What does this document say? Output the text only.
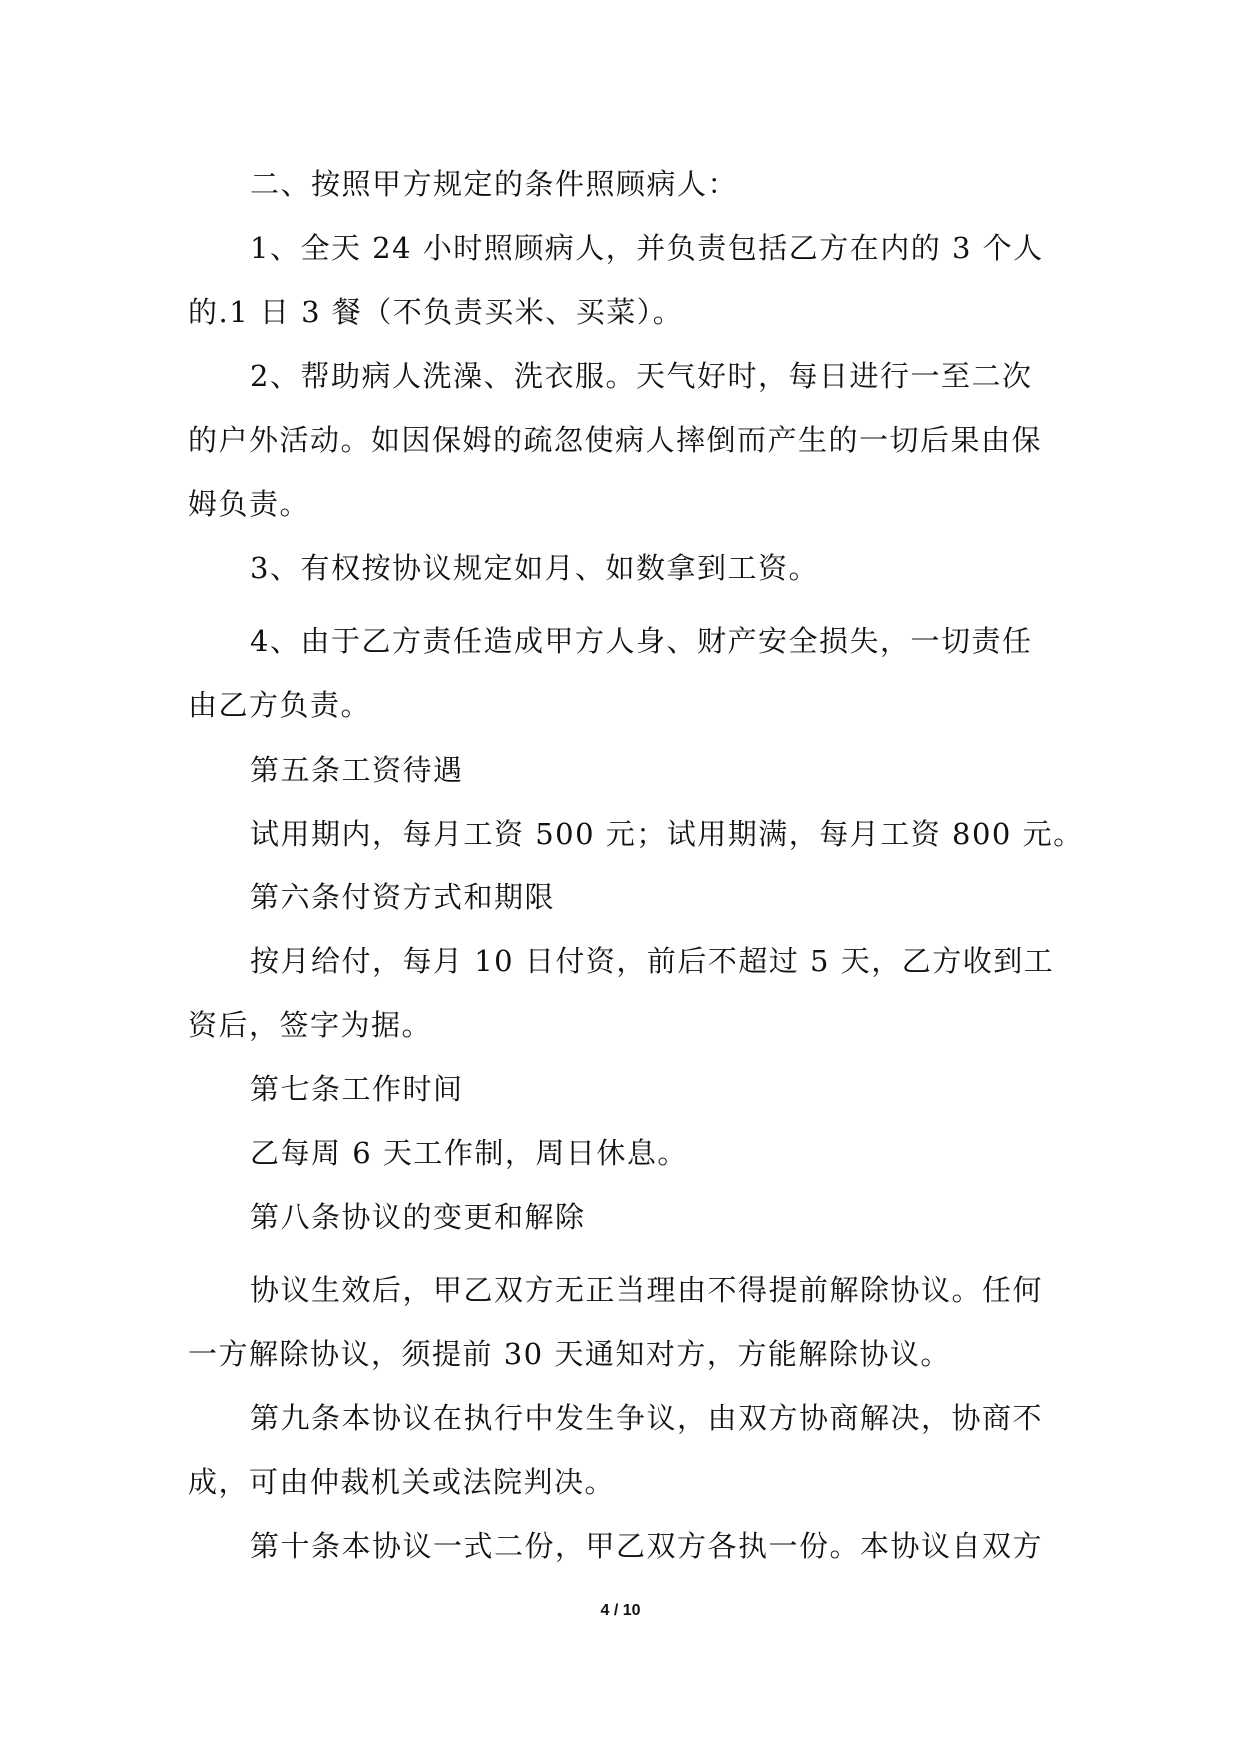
二、按照甲方规定的条件照顾病人：
1、全天 24 小时照顾病人，并负责包括乙方在内的 3 个人
的.1 日 3 餐（不负责买米、买菜）。
2、帮助病人洗澡、洗衣服。天气好时，每日进行一至二次
的户外活动。如因保姆的疏忽使病人摔倒而产生的一切后果由保
姆负责。
3、有权按协议规定如月、如数拿到工资。
4、由于乙方责任造成甲方人身、财产安全损失，一切责任
由乙方负责。
第五条工资待遇
试用期内，每月工资 500 元；试用期满，每月工资 800 元。
第六条付资方式和期限
按月给付，每月 10 日付资，前后不超过 5 天，乙方收到工
资后，签字为据。
第七条工作时间
乙每周 6 天工作制，周日休息。
第八条协议的变更和解除
协议生效后，甲乙双方无正当理由不得提前解除协议。任何
一方解除协议，须提前 30 天通知对方，方能解除协议。
第九条本协议在执行中发生争议，由双方协商解决，协商不
成，可由仲裁机关或法院判决。
第十条本协议一式二份，甲乙双方各执一份。本协议自双方
4 / 10
